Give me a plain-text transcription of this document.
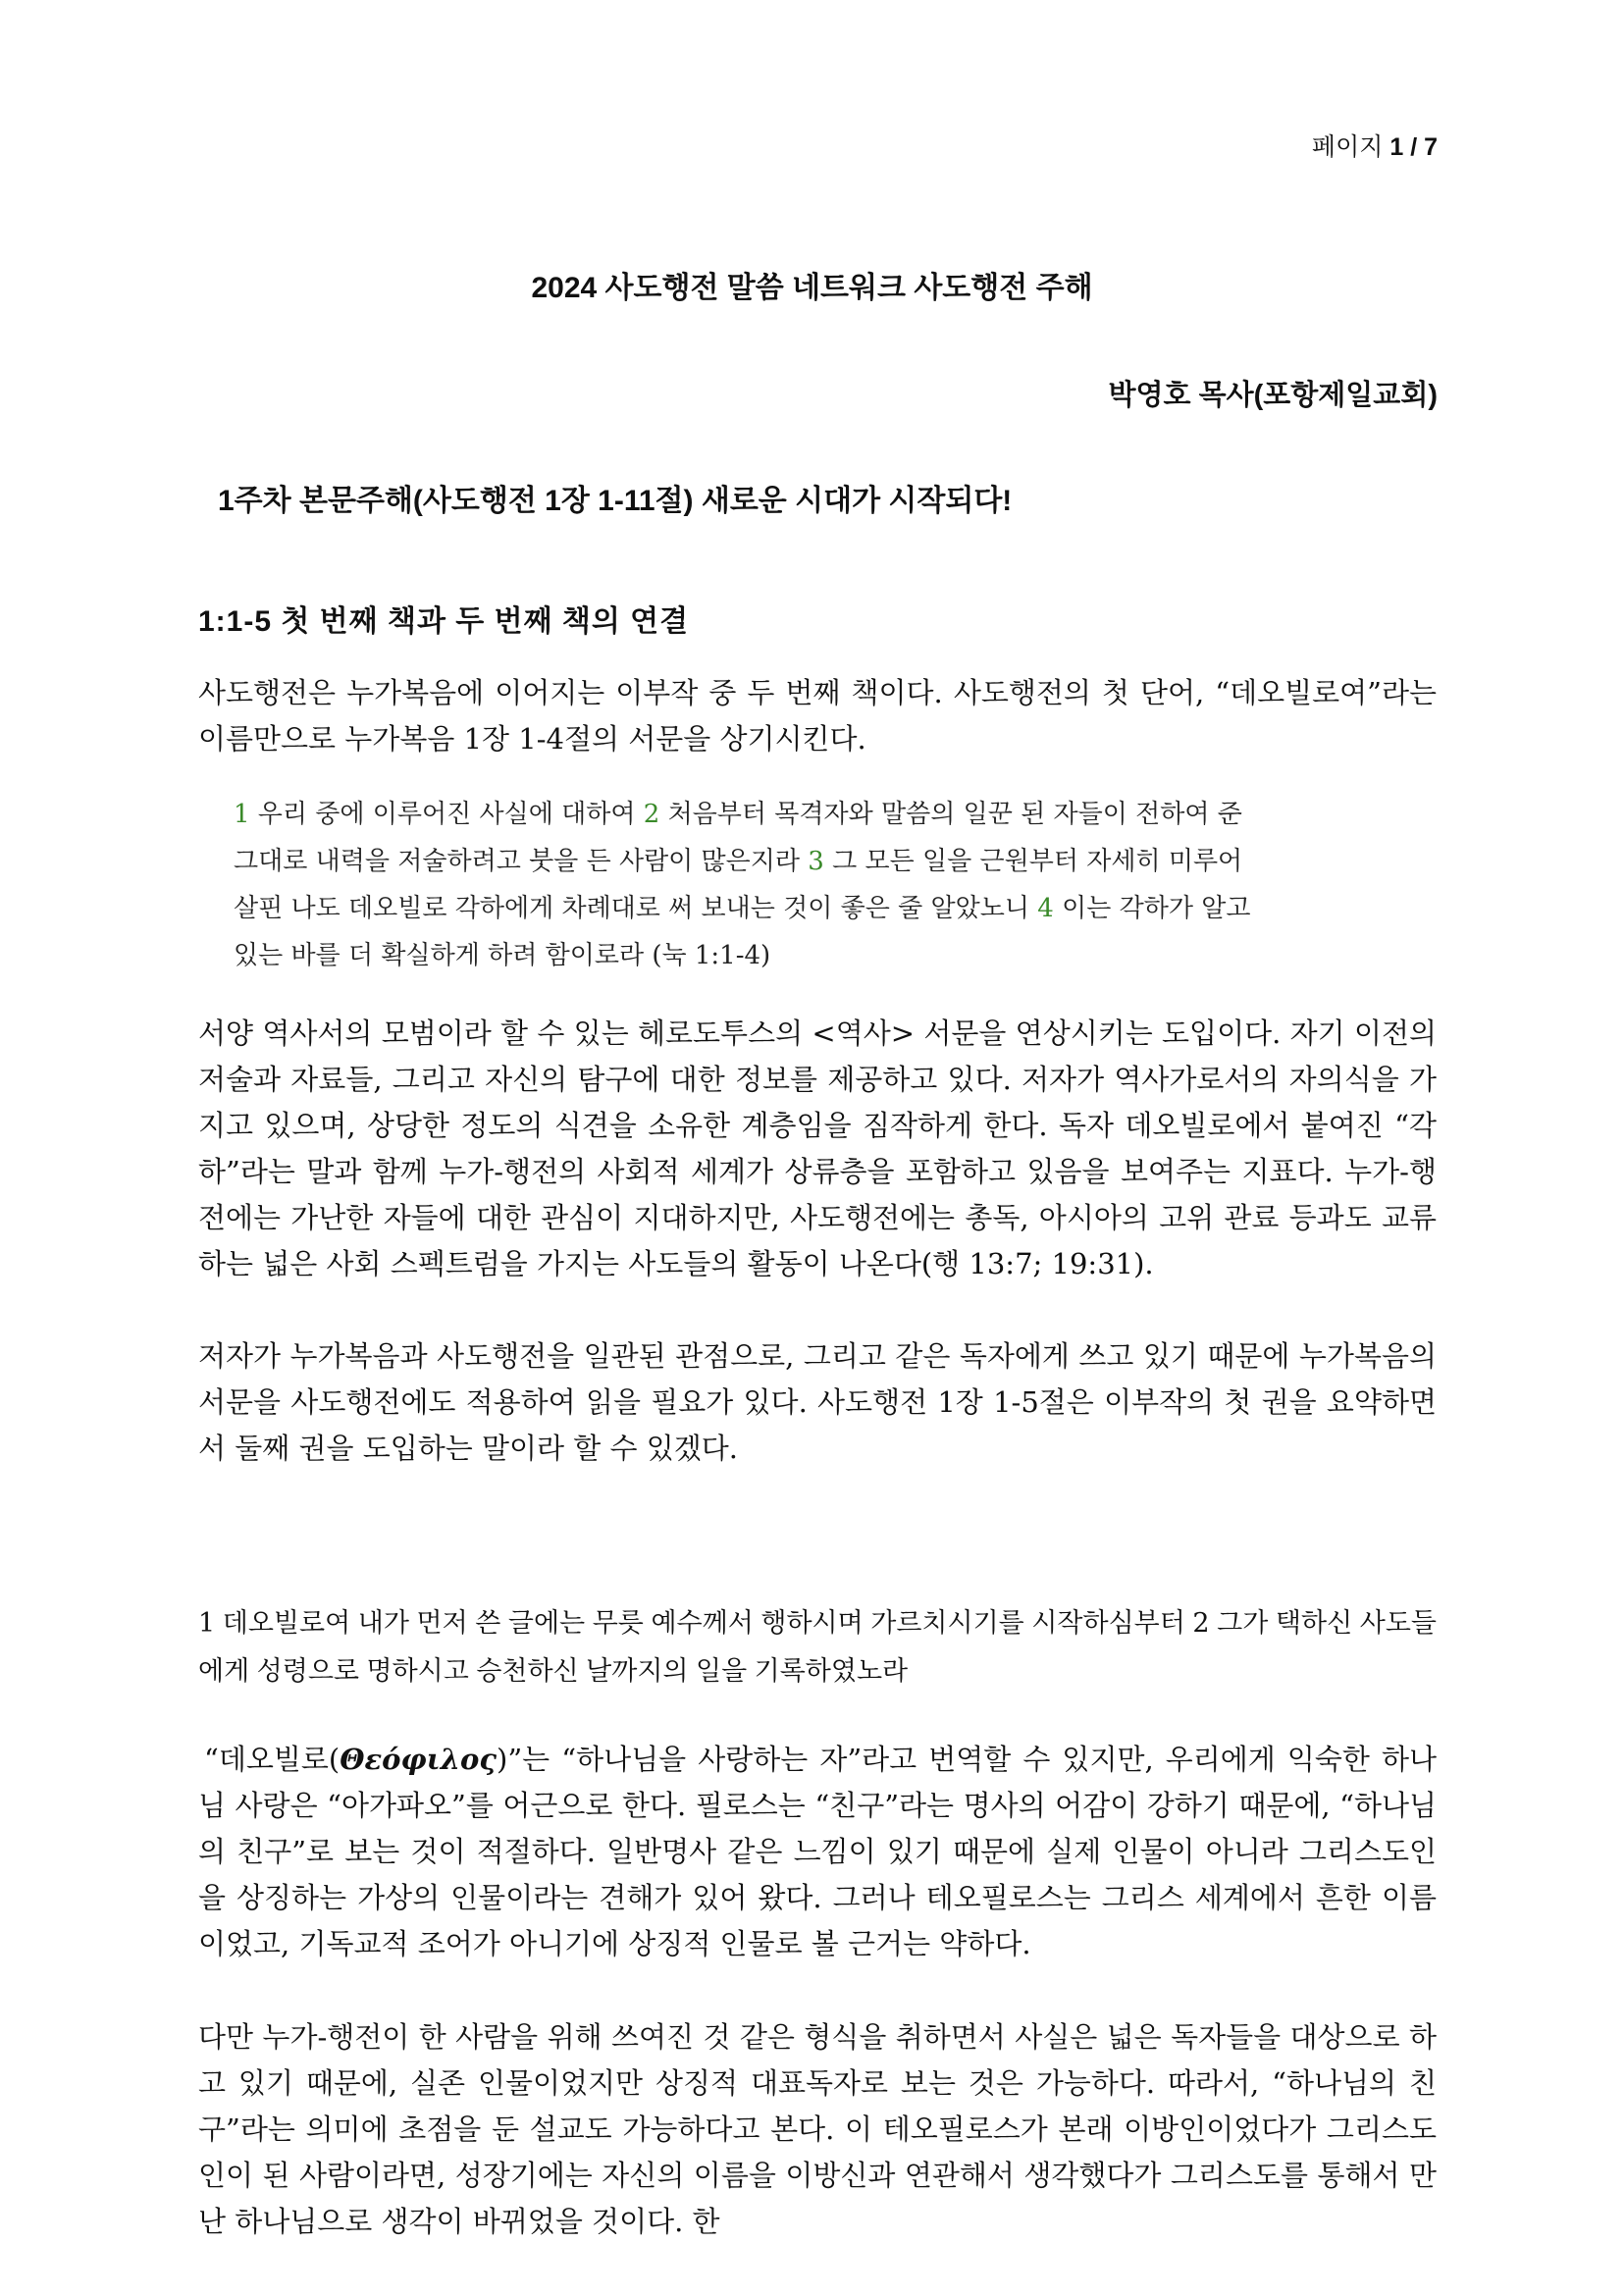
페이지 1 / 7
2024 사도행전 말씀 네트워크 사도행전 주해
박영호 목사(포항제일교회)
1주차 본문주해(사도행전 1장 1-11절) 새로운 시대가 시작되다!
1:1-5 첫 번째 책과 두 번째 책의 연결

사도행전은 누가복음에 이어지는 이부작 중 두 번째 책이다. 사도행전의 첫 단어, “데오빌로여”라는 이름만으로 누가복음 1장 1-4절의 서문을 상기시킨다.

1 우리 중에 이루어진 사실에 대하여 2 처음부터 목격자와 말씀의 일꾼 된 자들이 전하여 준 그대로 내력을 저술하려고 붓을 든 사람이 많은지라 3 그 모든 일을 근원부터 자세히 미루어 살핀 나도 데오빌로 각하에게 차례대로 써 보내는 것이 좋은 줄 알았노니 4 이는 각하가 알고 있는 바를 더 확실하게 하려 함이로라 (눅 1:1-4)

서양 역사서의 모범이라 할 수 있는 헤로도투스의 <역사> 서문을 연상시키는 도입이다. 자기 이전의 저술과 자료들, 그리고 자신의 탐구에 대한 정보를 제공하고 있다. 저자가 역사가로서의 자의식을 가지고 있으며, 상당한 정도의 식견을 소유한 계층임을 짐작하게 한다. 독자 데오빌로에서 붙여진 “각하”라는 말과 함께 누가-행전의 사회적 세계가 상류층을 포함하고 있음을 보여주는 지표다. 누가-행전에는 가난한 자들에 대한 관심이 지대하지만, 사도행전에는 총독, 아시아의 고위 관료 등과도 교류하는 넓은 사회 스펙트럼을 가지는 사도들의 활동이 나온다(행 13:7; 19:31).

저자가 누가복음과 사도행전을 일관된 관점으로, 그리고 같은 독자에게 쓰고 있기 때문에 누가복음의 서문을 사도행전에도 적용하여 읽을 필요가 있다. 사도행전 1장 1-5절은 이부작의 첫 권을 요약하면서 둘째 권을 도입하는 말이라 할 수 있겠다.

1 데오빌로여 내가 먼저 쓴 글에는 무릇 예수께서 행하시며 가르치시기를 시작하심부터 2 그가 택하신 사도들에게 성령으로 명하시고 승천하신 날까지의 일을 기록하였노라

“데오빌로(Θεόφιλος)”는 “하나님을 사랑하는 자”라고 번역할 수 있지만, 우리에게 익숙한 하나님 사랑은 “아가파오”를 어근으로 한다. 필로스는 “친구”라는 명사의 어감이 강하기 때문에, “하나님의 친구”로 보는 것이 적절하다. 일반명사 같은 느낌이 있기 때문에 실제 인물이 아니라 그리스도인을 상징하는 가상의 인물이라는 견해가 있어 왔다. 그러나 테오필로스는 그리스 세계에서 흔한 이름이었고, 기독교적 조어가 아니기에 상징적 인물로 볼 근거는 약하다.

다만 누가-행전이 한 사람을 위해 쓰여진 것 같은 형식을 취하면서 사실은 넓은 독자들을 대상으로 하고 있기 때문에, 실존 인물이었지만 상징적 대표독자로 보는 것은 가능하다. 따라서, “하나님의 친구”라는 의미에 초점을 둔 설교도 가능하다고 본다. 이 테오필로스가 본래 이방인이었다가 그리스도인이 된 사람이라면, 성장기에는 자신의 이름을 이방신과 연관해서 생각했다가 그리스도를 통해서 만난 하나님으로 생각이 바뀌었을 것이다. 한
